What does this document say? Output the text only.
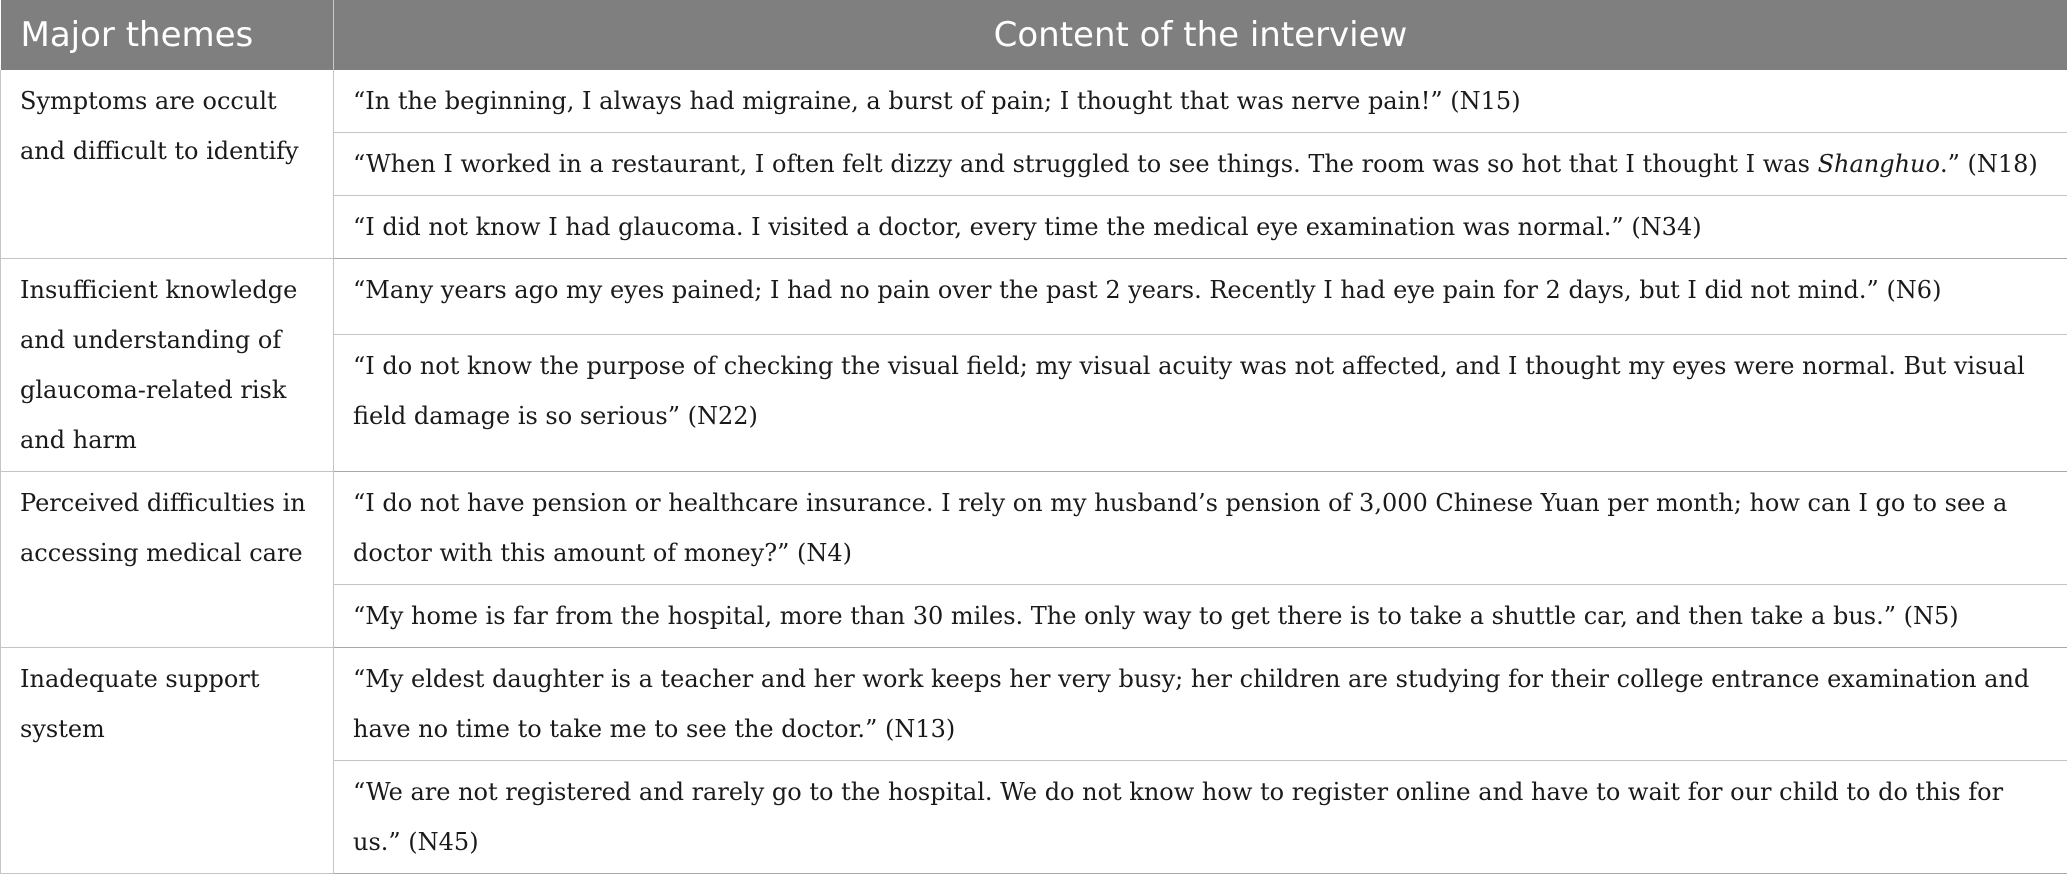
Major themes	Content of the interview
Symptoms are occult and difficult to identify	“In the beginning, I always had migraine, a burst of pain; I thought that was nerve pain!” (N15)
	“When I worked in a restaurant, I often felt dizzy and struggled to see things. The room was so hot that I thought I was Shanghuo.” (N18)
	“I did not know I had glaucoma. I visited a doctor, every time the medical eye examination was normal.” (N34)
Insufficient knowledge and understanding of glaucoma-related risk and harm	“Many years ago my eyes pained; I had no pain over the past 2 years. Recently I had eye pain for 2 days, but I did not mind.” (N6)
	“I do not know the purpose of checking the visual field; my visual acuity was not affected, and I thought my eyes were normal. But visual field damage is so serious” (N22)
Perceived difficulties in accessing medical care	“I do not have pension or healthcare insurance. I rely on my husband’s pension of 3,000 Chinese Yuan per month; how can I go to see a doctor with this amount of money?” (N4)
	“My home is far from the hospital, more than 30 miles. The only way to get there is to take a shuttle car, and then take a bus.” (N5)
Inadequate support system	“My eldest daughter is a teacher and her work keeps her very busy; her children are studying for their college entrance examination and have no time to take me to see the doctor.” (N13)
	“We are not registered and rarely go to the hospital. We do not know how to register online and have to wait for our child to do this for us.” (N45)
